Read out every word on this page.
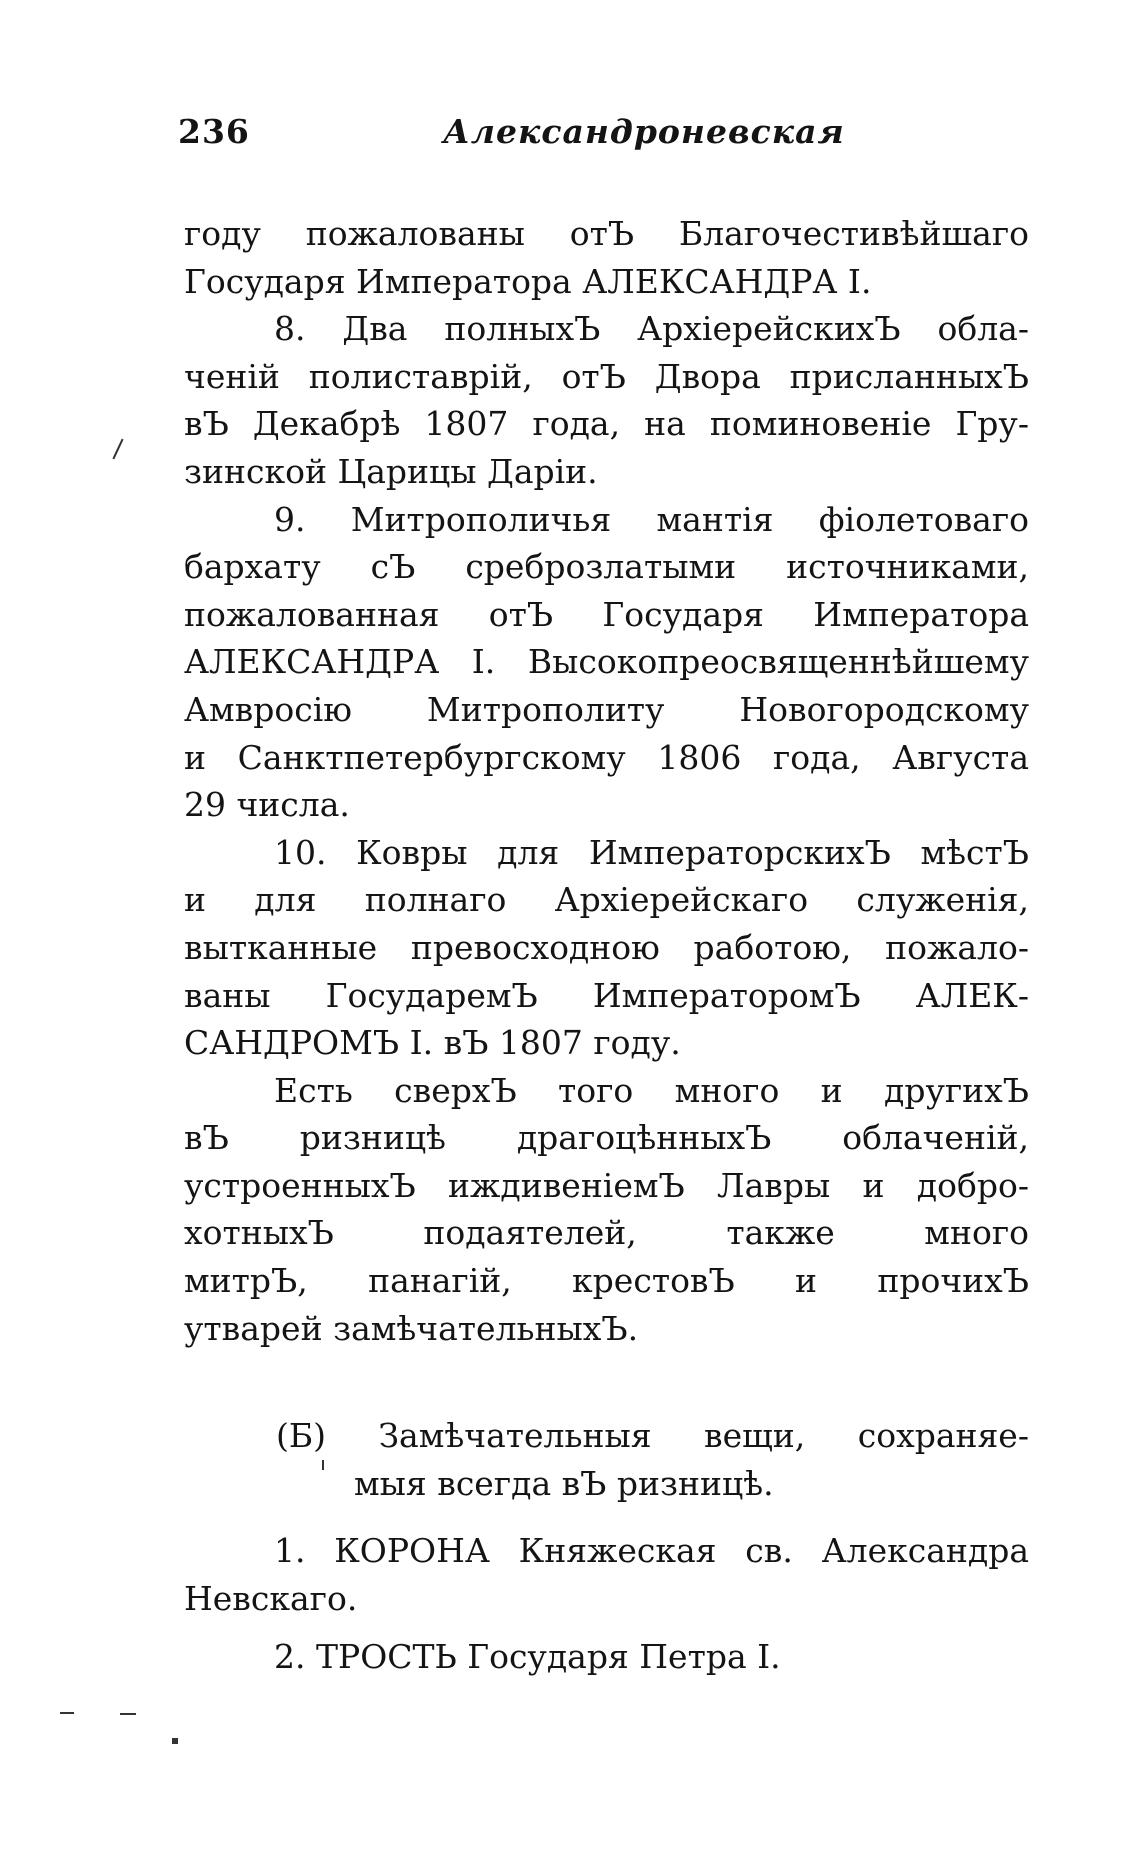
236	Александроневская
году пожалованы отЪ Благочестивѣйшаго
Государя Императора АЛЕКСАНДРА I.
8. Два полныхЪ АрхіерейскихЪ обла-
ченій полиставрій, отЪ Двора присланныхЪ
вЪ Декабрѣ 1807 года, на поминовеніе Гру-
зинской Царицы Даріи.
9. Митрополичья мантія фіолетоваго
бархату сЪ среброзлатыми источниками,
пожалованная отЪ Государя Императора
АЛЕКСАНДРА I. Высокопреосвященнѣйшему
Амвросію Митрополиту Новогородскому
и Санктпетербургскому 1806 года, Августа
29 числа.
10. Ковры для ИмператорскихЪ мѣстЪ
и для полнаго Архіерейскаго служенія,
вытканные превосходною работою, пожало-
ваны ГосударемЪ ИмператоромЪ АЛЕК-
САНДРОМЪ I. вЪ 1807 году.
Есть сверхЪ того много и другихЪ
вЪ ризницѣ драгоцѣнныхЪ облаченій,
устроенныхЪ иждивеніемЪ Лавры и добро-
хотныхЪ подаятелей, также много
митрЪ, панагій, крестовЪ и прочихЪ
утварей замѣчательныхЪ.
(Б) Замѣчательныя вещи, сохраняе-
мыя всегда вЪ ризницѣ.
1. КОРОНА Княжеская св. Александра
Невскаго.
2. ТРОСТЬ Государя Петра I.
